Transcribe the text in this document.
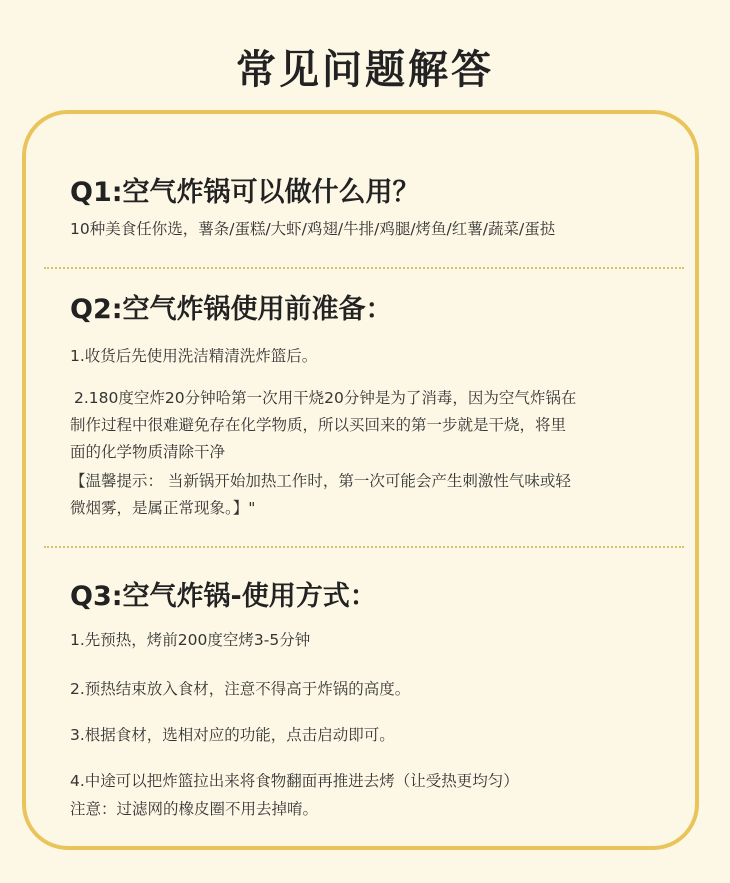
常见问题解答
Q1:空气炸锅可以做什么用？
10种美食任你选，薯条/蛋糕/大虾/鸡翅/牛排/鸡腿/烤鱼/红薯/蔬菜/蛋挞
Q2:空气炸锅使用前准备：
1.收货后先使用洗洁精清洗炸篮后。
2.180度空炸20分钟哈第一次用干烧20分钟是为了消毒，因为空气炸锅在
制作过程中很难避免存在化学物质，所以买回来的第一步就是干烧，将里
面的化学物质清除干净
【温馨提示： 当新锅开始加热工作时，第一次可能会产生刺激性气味或轻
微烟雾，是属正常现象。】"
Q3:空气炸锅-使用方式：
1.先预热，烤前200度空烤3-5分钟
2.预热结束放入食材，注意不得高于炸锅的高度。
3.根据食材，选相对应的功能，点击启动即可。
4.中途可以把炸篮拉出来将食物翻面再推进去烤（让受热更均匀）
注意：过滤网的橡皮圈不用去掉唷。
